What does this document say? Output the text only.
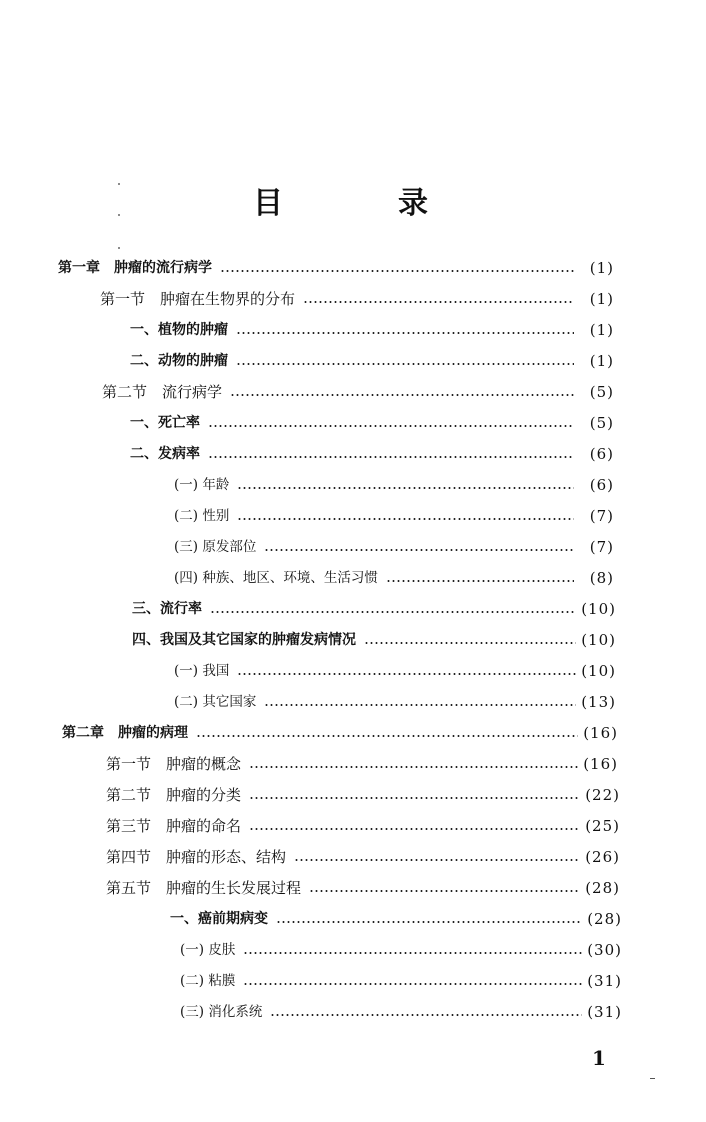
目	录
第一章　肿瘤的流行病学	(1)
第一节　肿瘤在生物界的分布	(1)
一、植物的肿瘤	(1)
二、动物的肿瘤	(1)
第二节　流行病学	(5)
一、死亡率	(5)
二、发病率	(6)
(一) 年龄	(6)
(二) 性别	(7)
(三) 原发部位	(7)
(四) 种族、地区、环境、生活习惯	(8)
三、流行率	(10)
四、我国及其它国家的肿瘤发病情况	(10)
(一) 我国	(10)
(二) 其它国家	(13)
第二章　肿瘤的病理	(16)
第一节　肿瘤的概念	(16)
第二节　肿瘤的分类	(22)
第三节　肿瘤的命名	(25)
第四节　肿瘤的形态、结构	(26)
第五节　肿瘤的生长发展过程	(28)
一、癌前期病变	(28)
(一) 皮肤	(30)
(二) 粘膜	(31)
(三) 消化系统	(31)
1
